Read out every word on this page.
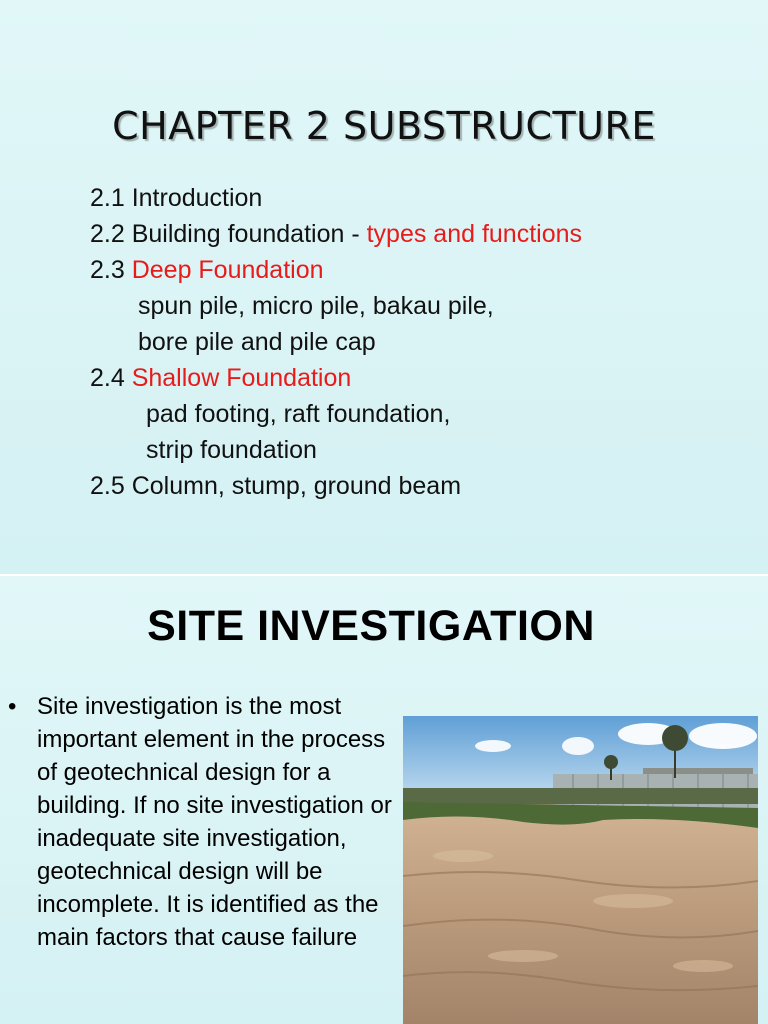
CHAPTER 2 SUBSTRUCTURE
2.1 Introduction
2.2 Building foundation - types and functions
2.3 Deep Foundation
spun pile, micro pile, bakau pile,
bore pile and pile cap
2.4 Shallow Foundation
pad footing, raft foundation,
strip foundation
2.5 Column, stump, ground beam
SITE INVESTIGATION
• Site investigation is the most important element in the process of geotechnical design for a building. If no site investigation or inadequate site investigation, geotechnical design will be incomplete. It is identified as the main factors that cause failure
